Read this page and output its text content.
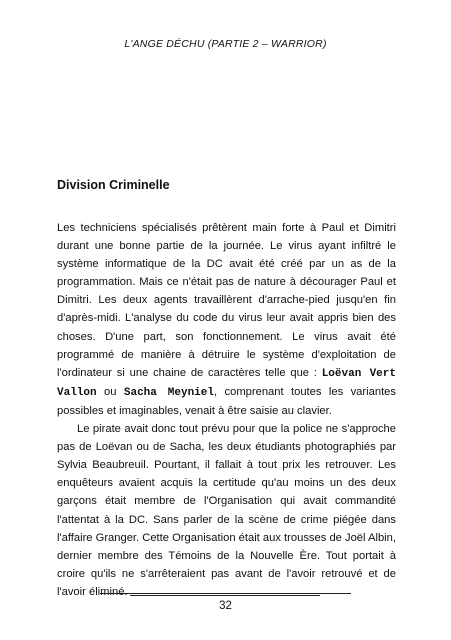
L'ANGE DÉCHU (PARTIE 2 – WARRIOR)
Division Criminelle

Les techniciens spécialisés prêtèrent main forte à Paul et Dimitri durant une bonne partie de la journée. Le virus ayant infiltré le système informatique de la DC avait été créé par un as de la programmation. Mais ce n'était pas de nature à décourager Paul et Dimitri. Les deux agents travaillèrent d'arrache-pied jusqu'en fin d'après-midi. L'analyse du code du virus leur avait appris bien des choses. D'une part, son fonctionnement. Le virus avait été programmé de manière à détruire le système d'exploitation de l'ordinateur si une chaine de caractères telle que : Loëvan Vert Vallon ou Sacha Meyniel, comprenant toutes les variantes possibles et imaginables, venait à être saisie au clavier.

Le pirate avait donc tout prévu pour que la police ne s'approche pas de Loëvan ou de Sacha, les deux étudiants photographiés par Sylvia Beaubreuil. Pourtant, il fallait à tout prix les retrouver. Les enquêteurs avaient acquis la certitude qu'au moins un des deux garçons était membre de l'Organisation qui avait commandité l'attentat à la DC. Sans parler de la scène de crime piégée dans l'affaire Granger. Cette Organisation était aux trousses de Joël Albin, dernier membre des Témoins de la Nouvelle Ère. Tout portait à croire qu'ils ne s'arrêteraient pas avant de l'avoir retrouvé et de l'avoir éliminé.

32
